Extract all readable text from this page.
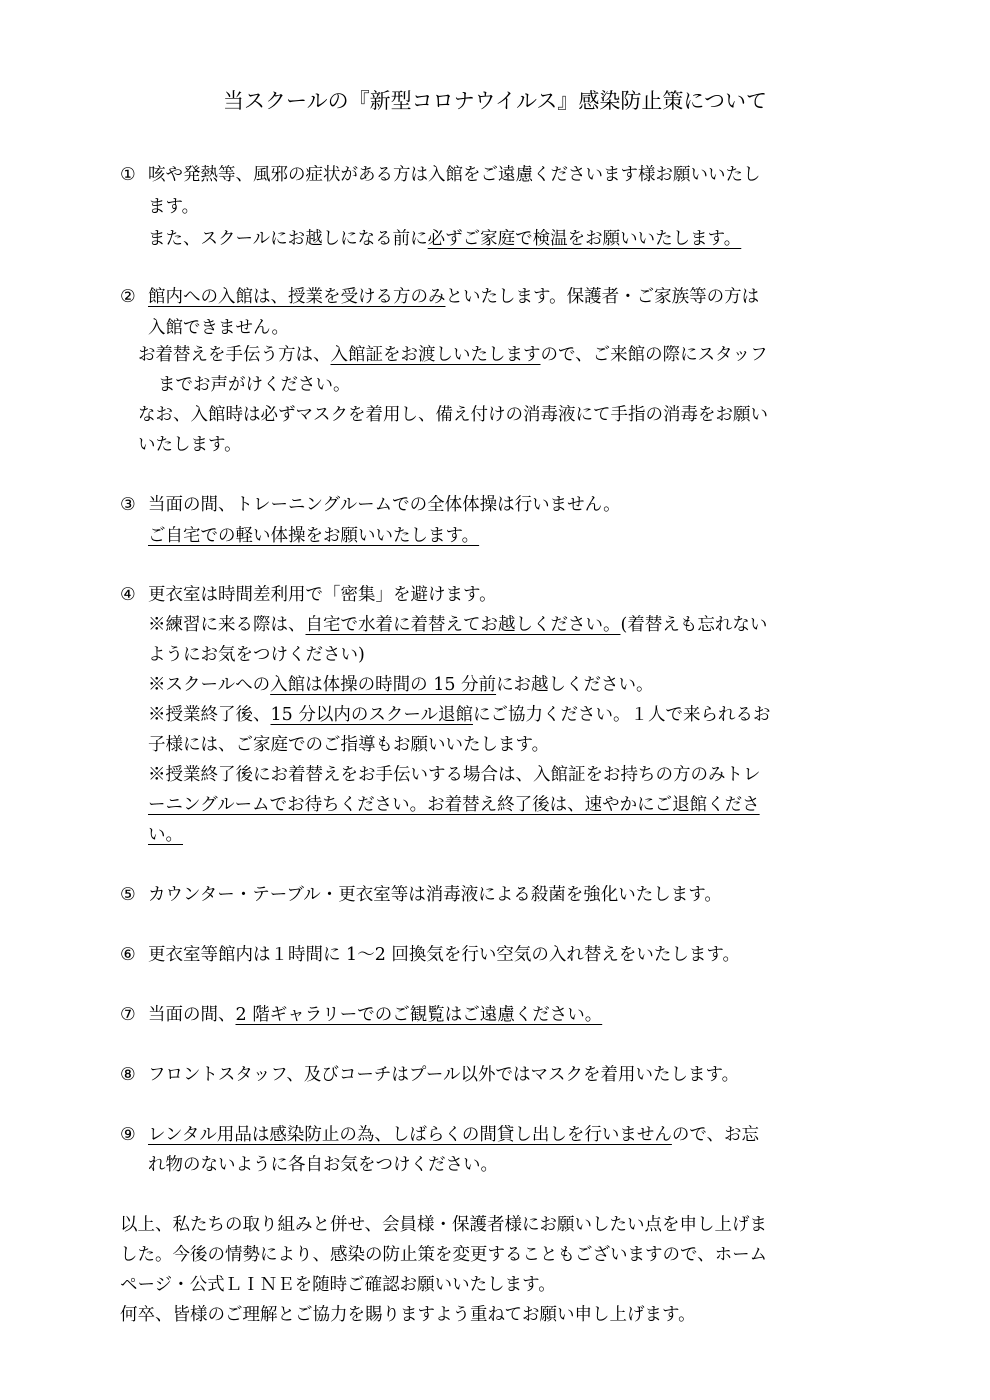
当スクールの『新型コロナウイルス』感染防止策について
① 咳や発熱等、風邪の症状がある方は入館をご遠慮くださいます様お願いいたし
ます。
また、スクールにお越しになる前に必ずご家庭で検温をお願いいたします。
② 館内への入館は、授業を受ける方のみといたします。保護者・ご家族等の方は
入館できません。
お着替えを手伝う方は、入館証をお渡しいたしますので、ご来館の際にスタッフ
までお声がけください。
なお、入館時は必ずマスクを着用し、備え付けの消毒液にて手指の消毒をお願い
いたします。
③ 当面の間、トレーニングルームでの全体体操は行いません。
ご自宅での軽い体操をお願いいたします。
④ 更衣室は時間差利用で「密集」を避けます。
※練習に来る際は、自宅で水着に着替えてお越しください。(着替えも忘れない
ようにお気をつけください)
※スクールへの入館は体操の時間の 15 分前にお越しください。
※授業終了後、15 分以内のスクール退館にご協力ください。１人で来られるお
子様には、ご家庭でのご指導もお願いいたします。
※授業終了後にお着替えをお手伝いする場合は、入館証をお持ちの方のみトレ
ーニングルームでお待ちください。お着替え終了後は、速やかにご退館くださ
い。
⑤ カウンター・テーブル・更衣室等は消毒液による殺菌を強化いたします。
⑥ 更衣室等館内は１時間に 1～2 回換気を行い空気の入れ替えをいたします。
⑦ 当面の間、2 階ギャラリーでのご観覧はご遠慮ください。
⑧ フロントスタッフ、及びコーチはプール以外ではマスクを着用いたします。
⑨ レンタル用品は感染防止の為、しばらくの間貸し出しを行いませんので、お忘
れ物のないように各自お気をつけください。
以上、私たちの取り組みと併せ、会員様・保護者様にお願いしたい点を申し上げま
した。今後の情勢により、感染の防止策を変更することもございますので、ホーム
ページ・公式ＬＩＮＥを随時ご確認お願いいたします。
何卒、皆様のご理解とご協力を賜りますよう重ねてお願い申し上げます。
